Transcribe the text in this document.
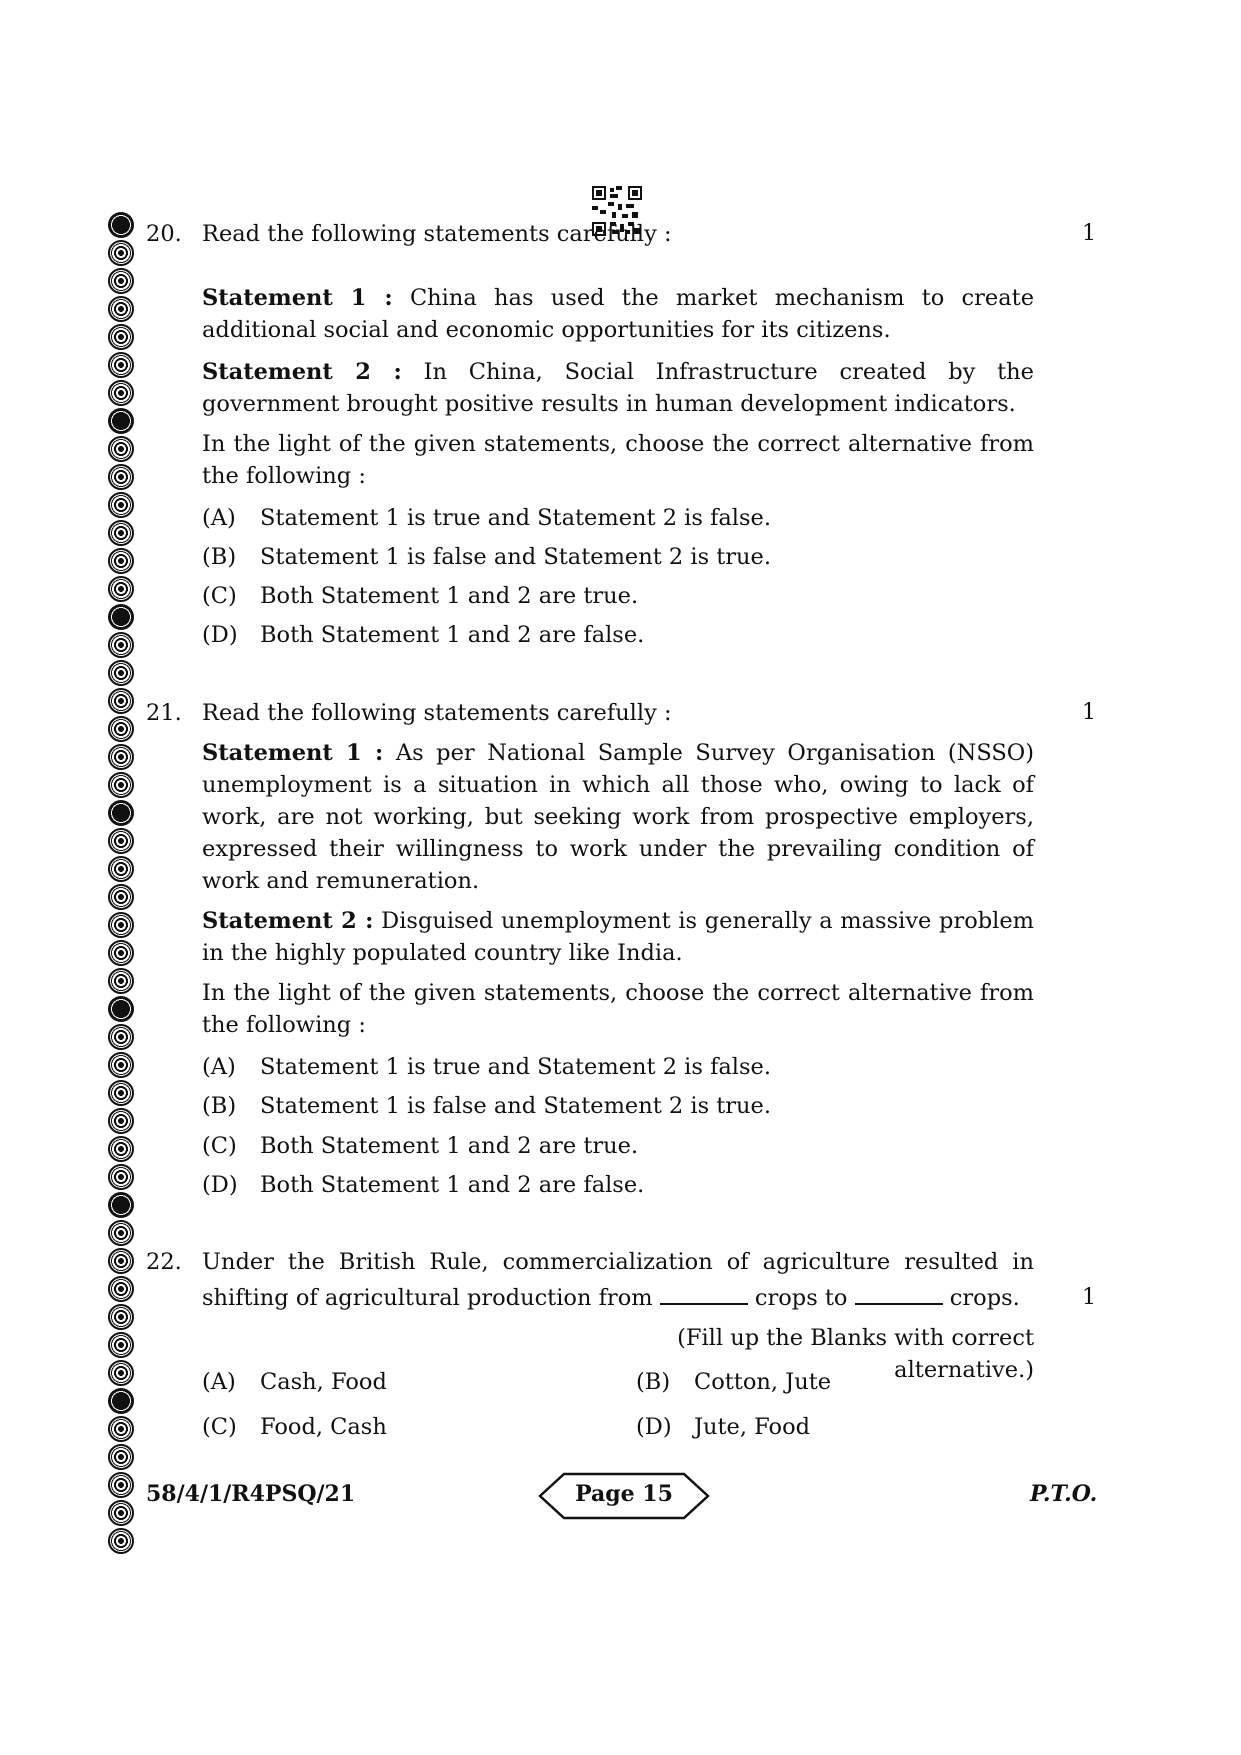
20. Read the following statements carefully :	1
Statement 1 : China has used the market mechanism to create additional social and economic opportunities for its citizens.
Statement 2 : In China, Social Infrastructure created by the government brought positive results in human development indicators.
In the light of the given statements, choose the correct alternative from the following :
(A) Statement 1 is true and Statement 2 is false.
(B) Statement 1 is false and Statement 2 is true.
(C) Both Statement 1 and 2 are true.
(D) Both Statement 1 and 2 are false.
21. Read the following statements carefully :	1
Statement 1 : As per National Sample Survey Organisation (NSSO) unemployment is a situation in which all those who, owing to lack of work, are not working, but seeking work from prospective employers, expressed their willingness to work under the prevailing condition of work and remuneration.
Statement 2 : Disguised unemployment is generally a massive problem in the highly populated country like India.
In the light of the given statements, choose the correct alternative from the following :
(A) Statement 1 is true and Statement 2 is false.
(B) Statement 1 is false and Statement 2 is true.
(C) Both Statement 1 and 2 are true.
(D) Both Statement 1 and 2 are false.
22. Under the British Rule, commercialization of agriculture resulted in
shifting of agricultural production from	crops to	crops.	1
(Fill up the Blanks with correct alternative.)
(A) Cash, Food	(B) Cotton, Jute
(C) Food, Cash	(D) Jute, Food
58/4/1/R4PSQ/21	Page 15	P.T.O.
